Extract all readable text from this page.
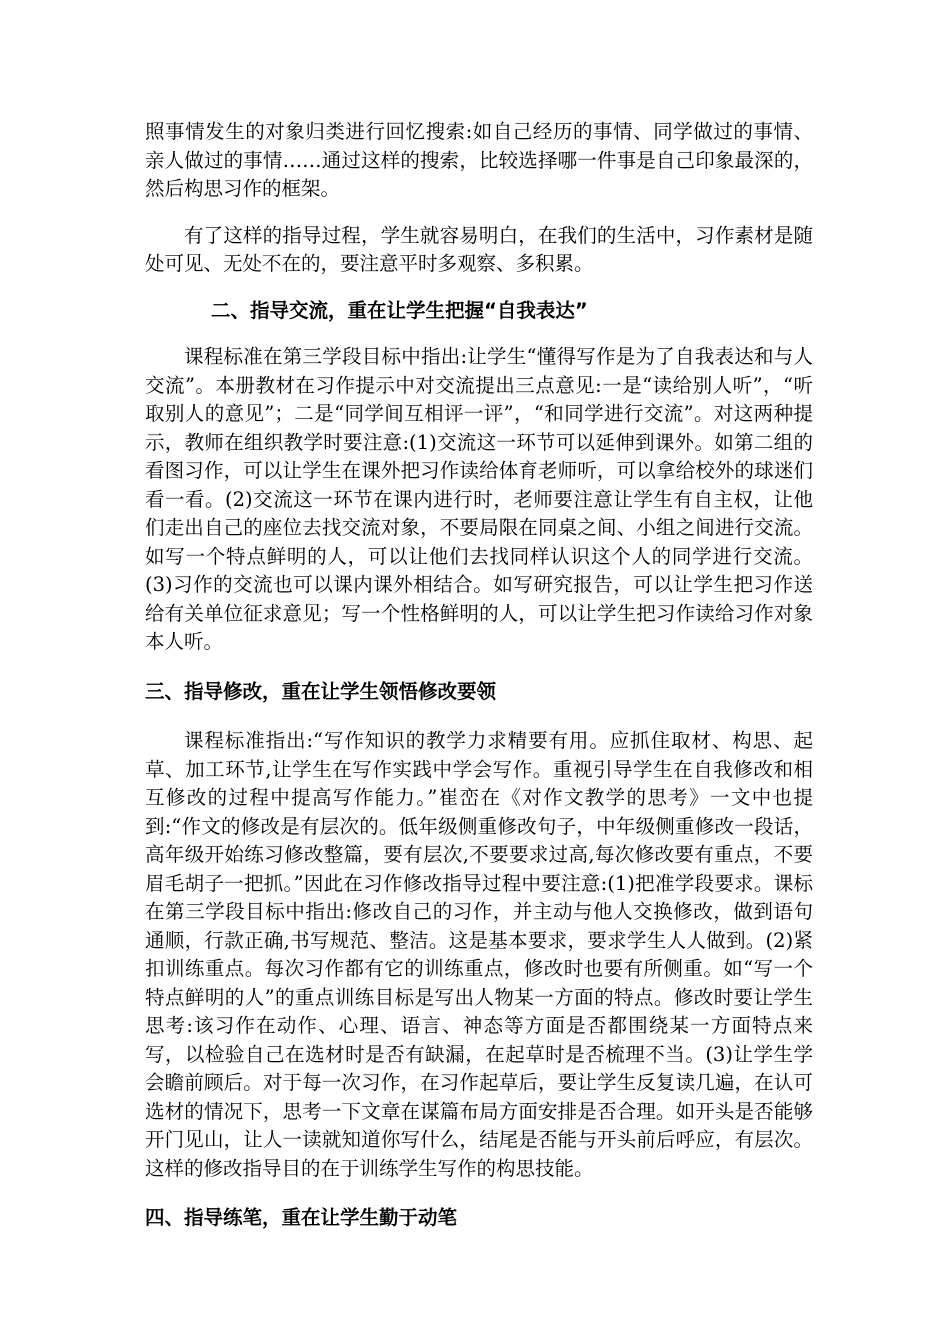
照事情发生的对象归类进行回忆搜索:如自己经历的事情、同学做过的事情、亲人做过的事情……通过这样的搜索，比较选择哪一件事是自己印象最深的，然后构思习作的框架。

有了这样的指导过程，学生就容易明白，在我们的生活中，习作素材是随处可见、无处不在的，要注意平时多观察、多积累。

二、指导交流，重在让学生把握“自我表达”

课程标准在第三学段目标中指出:让学生“懂得写作是为了自我表达和与人交流”。本册教材在习作提示中对交流提出三点意见:一是“读给别人听”，“听取别人的意见”；二是“同学间互相评一评”，“和同学进行交流”。对这两种提示，教师在组织教学时要注意:(1)交流这一环节可以延伸到课外。如第二组的看图习作，可以让学生在课外把习作读给体育老师听，可以拿给校外的球迷们看一看。(2)交流这一环节在课内进行时，老师要注意让学生有自主权，让他们走出自己的座位去找交流对象，不要局限在同桌之间、小组之间进行交流。如写一个特点鲜明的人，可以让他们去找同样认识这个人的同学进行交流。(3)习作的交流也可以课内课外相结合。如写研究报告，可以让学生把习作送给有关单位征求意见；写一个性格鲜明的人，可以让学生把习作读给习作对象本人听。

三、指导修改，重在让学生领悟修改要领

课程标准指出:“写作知识的教学力求精要有用。应抓住取材、构思、起草、加工环节,让学生在写作实践中学会写作。重视引导学生在自我修改和相互修改的过程中提高写作能力。”崔峦在《对作文教学的思考》一文中也提到:“作文的修改是有层次的。低年级侧重修改句子，中年级侧重修改一段话，高年级开始练习修改整篇，要有层次,不要要求过高,每次修改要有重点，不要眉毛胡子一把抓。”因此在习作修改指导过程中要注意:(1)把准学段要求。课标在第三学段目标中指出:修改自己的习作，并主动与他人交换修改，做到语句通顺，行款正确,书写规范、整洁。这是基本要求，要求学生人人做到。(2)紧扣训练重点。每次习作都有它的训练重点，修改时也要有所侧重。如“写一个特点鲜明的人”的重点训练目标是写出人物某一方面的特点。修改时要让学生思考:该习作在动作、心理、语言、神态等方面是否都围绕某一方面特点来写，以检验自己在选材时是否有缺漏，在起草时是否梳理不当。(3)让学生学会瞻前顾后。对于每一次习作，在习作起草后，要让学生反复读几遍，在认可选材的情况下，思考一下文章在谋篇布局方面安排是否合理。如开头是否能够开门见山，让人一读就知道你写什么，结尾是否能与开头前后呼应，有层次。这样的修改指导目的在于训练学生写作的构思技能。

四、指导练笔，重在让学生勤于动笔
